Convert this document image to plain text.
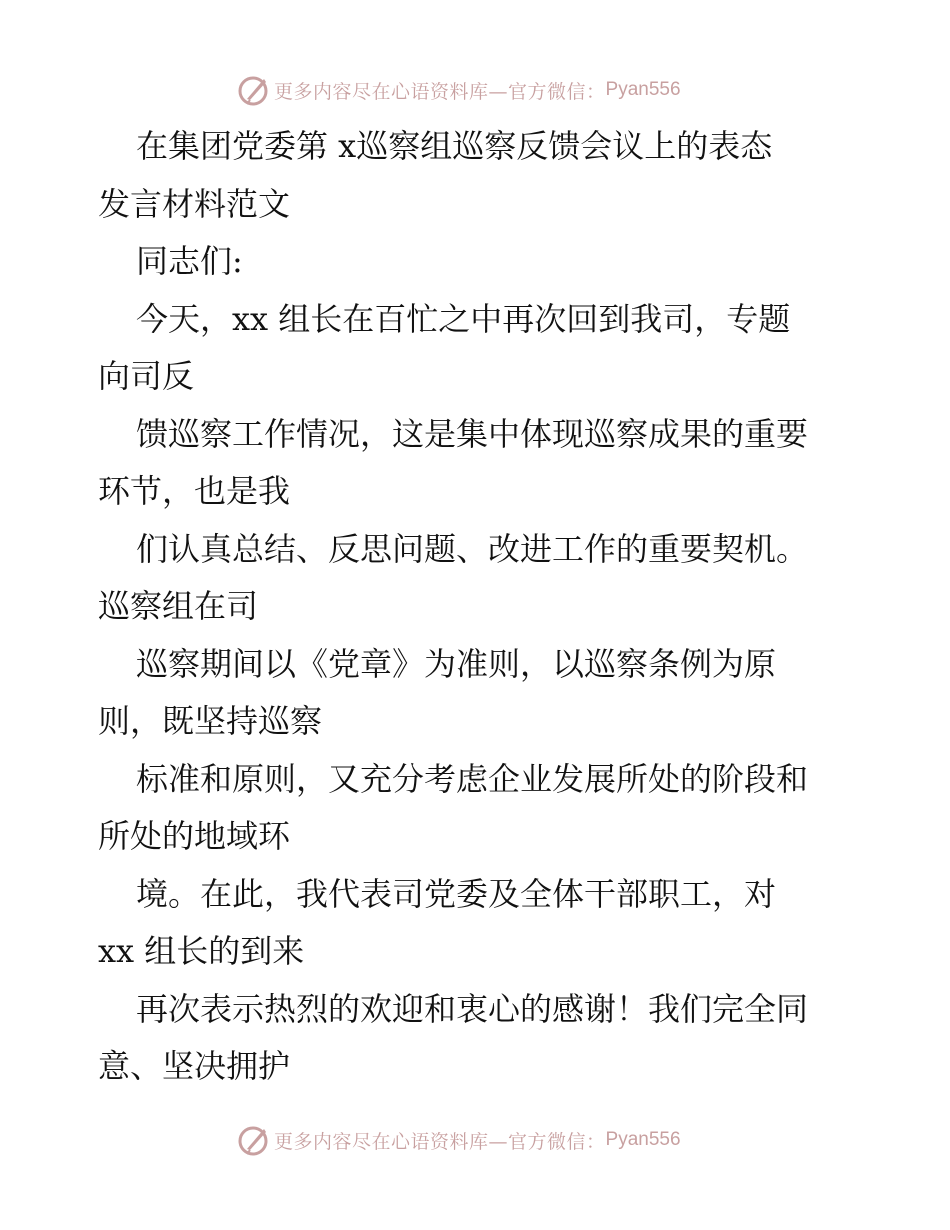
更多内容尽在心语资料库—官方微信： Pyan556

在集团党委第 x巡察组巡察反馈会议上的表态

发言材料范文

同志们:

今天，xx 组长在百忙之中再次回到我司，专题

向司反

馈巡察工作情况，这是集中体现巡察成果的重要

环节，也是我

们认真总结、反思问题、改进工作的重要契机。

巡察组在司

巡察期间以《党章》为准则，以巡察条例为原

则，既坚持巡察

标准和原则，又充分考虑企业发展所处的阶段和

所处的地域环

境。在此，我代表司党委及全体干部职工，对

xx 组长的到来

再次表示热烈的欢迎和衷心的感谢！我们完全同

意、坚决拥护

更多内容尽在心语资料库—官方微信： Pyan556
